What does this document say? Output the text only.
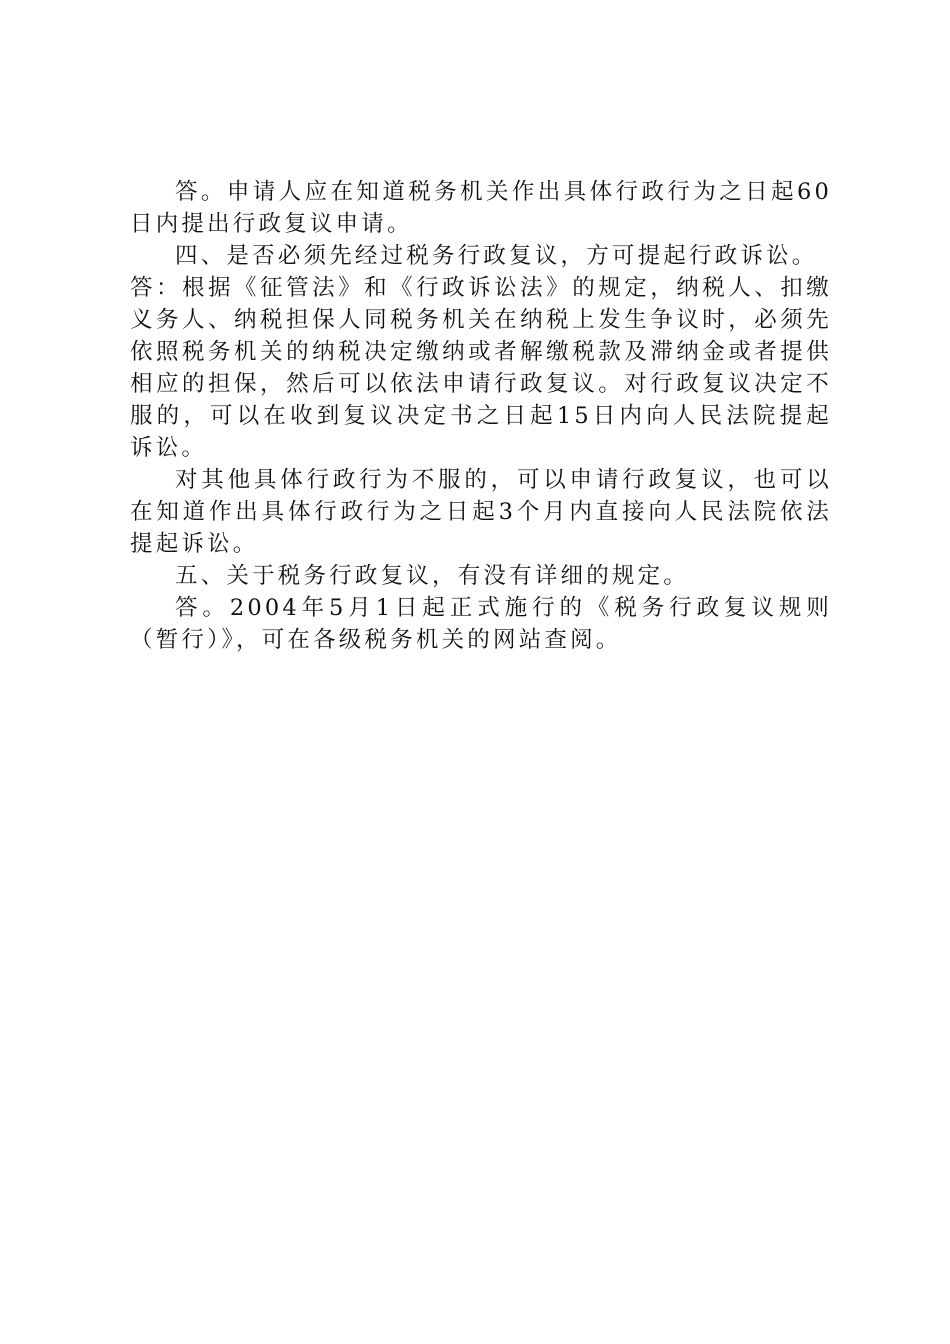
答。申请人应在知道税务机关作出具体行政行为之日起60日内提出行政复议申请。

四、是否必须先经过税务行政复议，方可提起行政诉讼。

答：根据《征管法》和《行政诉讼法》的规定，纳税人、扣缴义务人、纳税担保人同税务机关在纳税上发生争议时，必须先依照税务机关的纳税决定缴纳或者解缴税款及滞纳金或者提供相应的担保，然后可以依法申请行政复议。对行政复议决定不服的，可以在收到复议决定书之日起15日内向人民法院提起诉讼。

对其他具体行政行为不服的，可以申请行政复议，也可以在知道作出具体行政行为之日起3个月内直接向人民法院依法提起诉讼。

五、关于税务行政复议，有没有详细的规定。

答。2004年5月1日起正式施行的《税务行政复议规则（暂行）》，可在各级税务机关的网站查阅。
